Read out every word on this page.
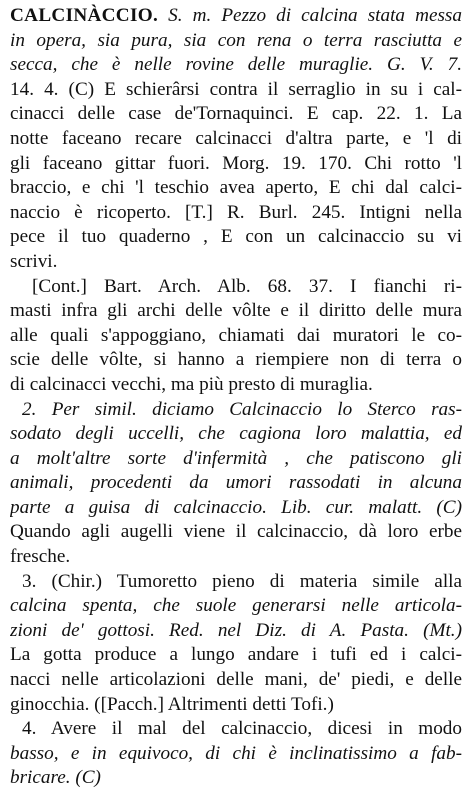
CALCINÀCCIO. S. m. Pezzo di calcina stata messa
in opera, sia pura, sia con rena o terra rasciutta e
secca, che è nelle rovine delle muraglie. G. V. 7.
14. 4. (C) E schierârsi contra il serraglio in su i cal-
cinacci delle case de'Tornaquinci. E cap. 22. 1. La
notte faceano recare calcinacci d'altra parte, e 'l di
gli faceano gittar fuori. Morg. 19. 170. Chi rotto 'l
braccio, e chi 'l teschio avea aperto, E chi dal calci-
naccio è ricoperto. [T.] R. Burl. 245. Intigni nella
pece il tuo quaderno , E con un calcinaccio su vi
scrivi.
[Cont.] Bart. Arch. Alb. 68. 37. I fianchi ri-
masti infra gli archi delle vôlte e il diritto delle mura
alle quali s'appoggiano, chiamati dai muratori le co-
scie delle vôlte, si hanno a riempiere non di terra o
di calcinacci vecchi, ma più presto di muraglia.
2. Per simil. diciamo Calcinaccio lo Sterco ras-
sodato degli uccelli, che cagiona loro malattia, ed
a molt'altre sorte d'infermità , che patiscono gli
animali, procedenti da umori rassodati in alcuna
parte a guisa di calcinaccio. Lib. cur. malatt. (C)
Quando agli augelli viene il calcinaccio, dà loro erbe
fresche.
3. (Chir.) Tumoretto pieno di materia simile alla
calcina spenta, che suole generarsi nelle articola-
zioni de' gottosi. Red. nel Diz. di A. Pasta. (Mt.)
La gotta produce a lungo andare i tufi ed i calci-
nacci nelle articolazioni delle mani, de' piedi, e delle
ginocchia. ([Pacch.] Altrimenti detti Tofi.)
4. Avere il mal del calcinaccio, dicesi in modo
basso, e in equivoco, di chi è inclinatissimo a fab-
bricare. (C)
